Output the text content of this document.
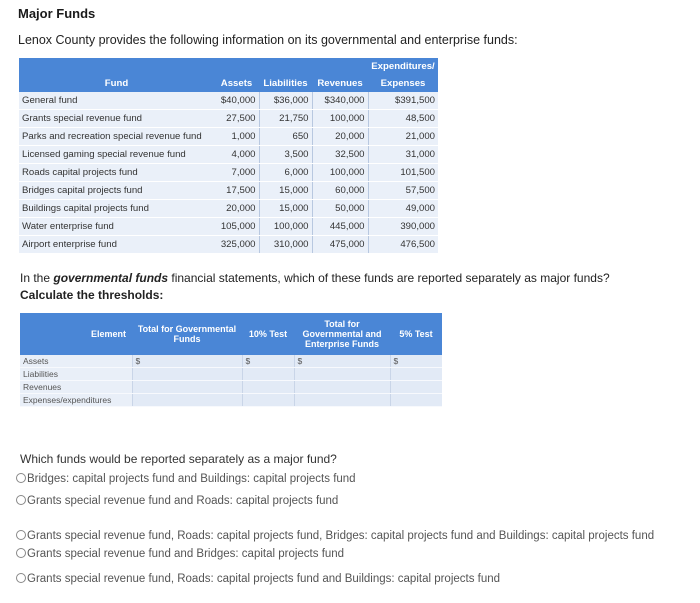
Major Funds
Lenox County provides the following information on its governmental and enterprise funds:
				Expenditures/
Fund	Assets	Liabilities	Revenues	Expenses
General fund	$40,000	$36,000	$340,000	$391,500
Grants special revenue fund	27,500	21,750	100,000	48,500
Parks and recreation special revenue fund	1,000	650	20,000	21,000
Licensed gaming special revenue fund	4,000	3,500	32,500	31,000
Roads capital projects fund	7,000	6,000	100,000	101,500
Bridges capital projects fund	17,500	15,000	60,000	57,500
Buildings capital projects fund	20,000	15,000	50,000	49,000
Water enterprise fund	105,000	100,000	445,000	390,000
Airport enterprise fund	325,000	310,000	475,000	476,500
In the governmental funds financial statements, which of these funds are reported separately as major funds?
Calculate the thresholds:
Element	Total for Governmental Funds	10% Test	Total for Governmental and Enterprise Funds	5% Test
Assets	$	$	$	$
Liabilities				
Revenues				
Expenses/expenditures				
Which funds would be reported separately as a major fund?
Bridges: capital projects fund and Buildings: capital projects fund
Grants special revenue fund and Roads: capital projects fund
Grants special revenue fund, Roads: capital projects fund, Bridges: capital projects fund and Buildings: capital projects fund
Grants special revenue fund and Bridges: capital projects fund
Grants special revenue fund, Roads: capital projects fund and Buildings: capital projects fund
